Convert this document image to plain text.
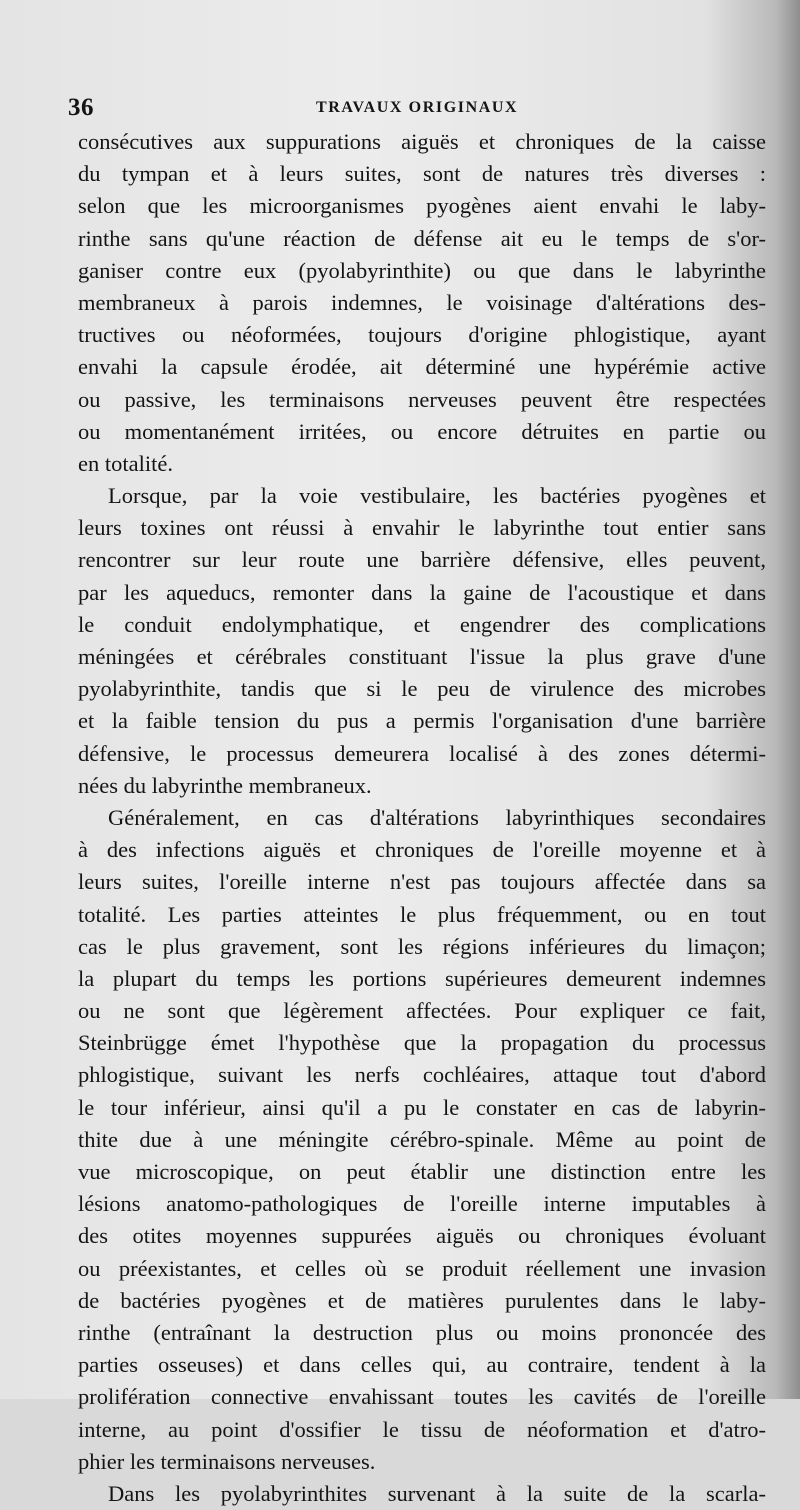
36	TRAVAUX ORIGINAUX
consécutives aux suppurations aiguës et chroniques de la caisse
du tympan et à leurs suites, sont de natures très diverses :
selon que les microorganismes pyogènes aient envahi le laby-
rinthe sans qu'une réaction de défense ait eu le temps de s'or-
ganiser contre eux (pyolabyrinthite) ou que dans le labyrinthe
membraneux à parois indemnes, le voisinage d'altérations des-
tructives ou néoformées, toujours d'origine phlogistique, ayant
envahi la capsule érodée, ait déterminé une hypérémie active
ou passive, les terminaisons nerveuses peuvent être respectées
ou momentanément irritées, ou encore détruites en partie ou
en totalité.
Lorsque, par la voie vestibulaire, les bactéries pyogènes et
leurs toxines ont réussi à envahir le labyrinthe tout entier sans
rencontrer sur leur route une barrière défensive, elles peuvent,
par les aqueducs, remonter dans la gaine de l'acoustique et dans
le conduit endolymphatique, et engendrer des complications
méningées et cérébrales constituant l'issue la plus grave d'une
pyolabyrinthite, tandis que si le peu de virulence des microbes
et la faible tension du pus a permis l'organisation d'une barrière
défensive, le processus demeurera localisé à des zones détermi-
nées du labyrinthe membraneux.
Généralement, en cas d'altérations labyrinthiques secondaires
à des infections aiguës et chroniques de l'oreille moyenne et à
leurs suites, l'oreille interne n'est pas toujours affectée dans sa
totalité. Les parties atteintes le plus fréquemment, ou en tout
cas le plus gravement, sont les régions inférieures du limaçon;
la plupart du temps les portions supérieures demeurent indemnes
ou ne sont que légèrement affectées. Pour expliquer ce fait,
Steinbrügge émet l'hypothèse que la propagation du processus
phlogistique, suivant les nerfs cochléaires, attaque tout d'abord
le tour inférieur, ainsi qu'il a pu le constater en cas de labyrin-
thite due à une méningite cérébro-spinale. Même au point de
vue microscopique, on peut établir une distinction entre les
lésions anatomo-pathologiques de l'oreille interne imputables à
des otites moyennes suppurées aiguës ou chroniques évoluant
ou préexistantes, et celles où se produit réellement une invasion
de bactéries pyogènes et de matières purulentes dans le laby-
rinthe (entraînant la destruction plus ou moins prononcée des
parties osseuses) et dans celles qui, au contraire, tendent à la
prolifération connective envahissant toutes les cavités de l'oreille
interne, au point d'ossifier le tissu de néoformation et d'atro-
phier les terminaisons nerveuses.
Dans les pyolabyrinthites survenant à la suite de la scarla-
